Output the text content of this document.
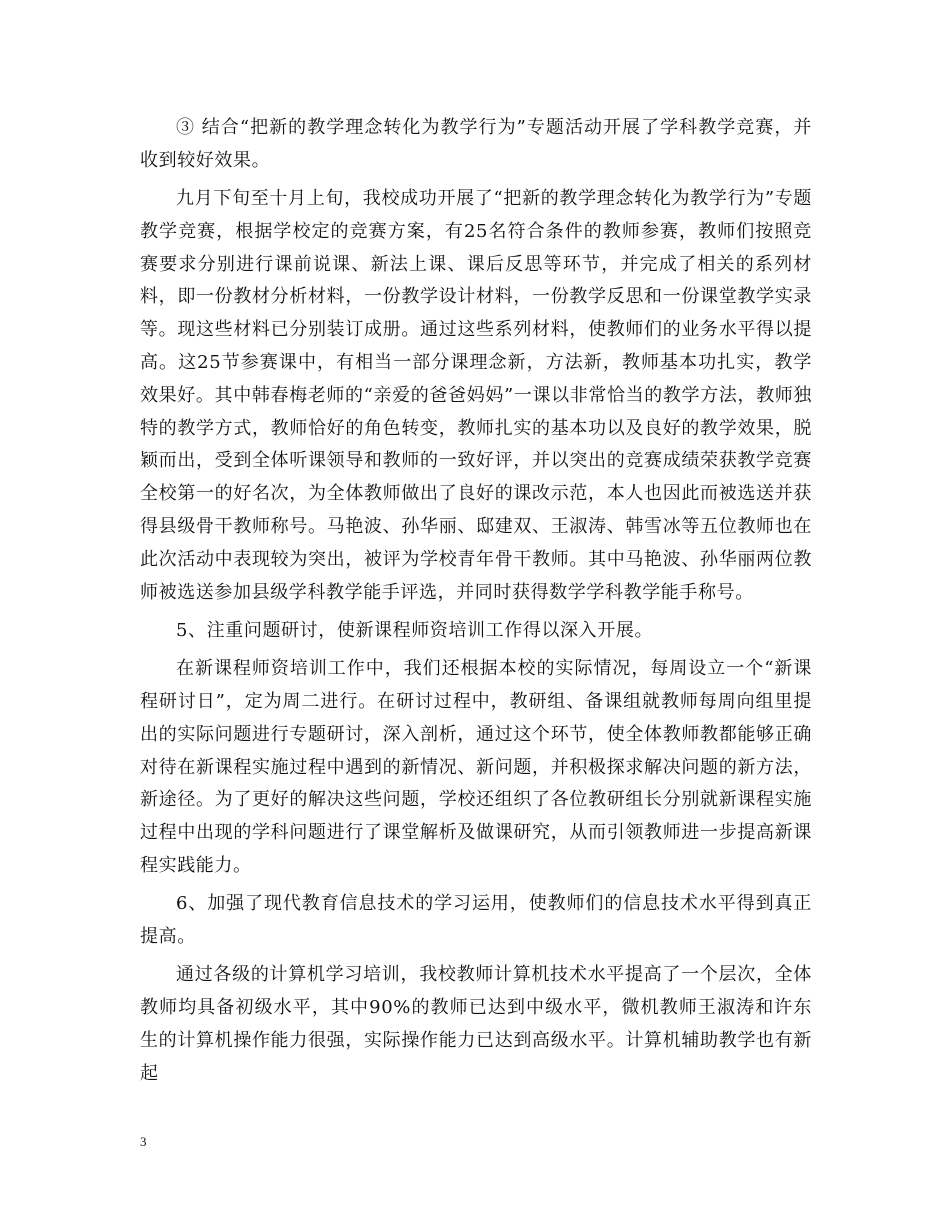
③ 结合“把新的教学理念转化为教学行为”专题活动开展了学科教学竞赛，并收到较好效果。

九月下旬至十月上旬，我校成功开展了“把新的教学理念转化为教学行为”专题教学竞赛，根据学校定的竞赛方案，有25名符合条件的教师参赛，教师们按照竞赛要求分别进行课前说课、新法上课、课后反思等环节，并完成了相关的系列材料，即一份教材分析材料，一份教学设计材料，一份教学反思和一份课堂教学实录等。现这些材料已分别装订成册。通过这些系列材料，使教师们的业务水平得以提高。这25节参赛课中，有相当一部分课理念新，方法新，教师基本功扎实，教学效果好。其中韩春梅老师的“亲爱的爸爸妈妈”一课以非常恰当的教学方法，教师独特的教学方式，教师恰好的角色转变，教师扎实的基本功以及良好的教学效果，脱颖而出，受到全体听课领导和教师的一致好评，并以突出的竞赛成绩荣获教学竞赛全校第一的好名次，为全体教师做出了良好的课改示范，本人也因此而被选送并获得县级骨干教师称号。马艳波、孙华丽、邸建双、王淑涛、韩雪冰等五位教师也在此次活动中表现较为突出，被评为学校青年骨干教师。其中马艳波、孙华丽两位教师被选送参加县级学科教学能手评选，并同时获得数学学科教学能手称号。

5、注重问题研讨，使新课程师资培训工作得以深入开展。

在新课程师资培训工作中，我们还根据本校的实际情况，每周设立一个“新课程研讨日”，定为周二进行。在研讨过程中，教研组、备课组就教师每周向组里提出的实际问题进行专题研讨，深入剖析，通过这个环节，使全体教师教都能够正确对待在新课程实施过程中遇到的新情况、新问题，并积极探求解决问题的新方法，新途径。为了更好的解决这些问题，学校还组织了各位教研组长分别就新课程实施过程中出现的学科问题进行了课堂解析及做课研究，从而引领教师进一步提高新课程实践能力。

6、加强了现代教育信息技术的学习运用，使教师们的信息技术水平得到真正提高。

通过各级的计算机学习培训，我校教师计算机技术水平提高了一个层次，全体教师均具备初级水平，其中90%的教师已达到中级水平，微机教师王淑涛和许东生的计算机操作能力很强，实际操作能力已达到高级水平。计算机辅助教学也有新起

3
